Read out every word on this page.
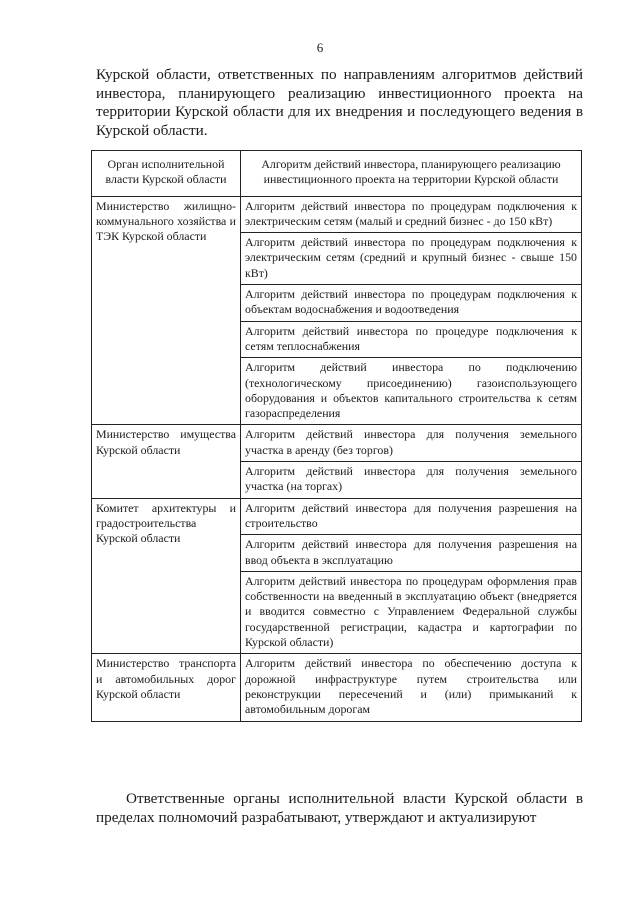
6

Курской области, ответственных по направлениям алгоритмов действий инвестора, планирующего реализацию инвестиционного проекта на территории Курской области для их внедрения и последующего ведения в Курской области.

Орган исполнительной власти Курской области	Алгоритм действий инвестора, планирующего реализацию инвестиционного проекта на территории Курской области
Министерство жилищно-коммунального хозяйства и ТЭК Курской области	Алгоритм действий инвестора по процедурам подключения к электрическим сетям (малый и средний бизнес - до 150 кВт)
	Алгоритм действий инвестора по процедурам подключения к электрическим сетям (средний и крупный бизнес - свыше 150 кВт)
	Алгоритм действий инвестора по процедурам подключения к объектам водоснабжения и водоотведения
	Алгоритм действий инвестора по процедуре подключения к сетям теплоснабжения
	Алгоритм действий инвестора по подключению (технологическому присоединению) газоиспользующего оборудования и объектов капитального строительства к сетям газораспределения
Министерство имущества Курской области	Алгоритм действий инвестора для получения земельного участка в аренду (без торгов)
	Алгоритм действий инвестора для получения земельного участка (на торгах)
Комитет архитектуры и градостроительства Курской области	Алгоритм действий инвестора для получения разрешения на строительство
	Алгоритм действий инвестора для получения разрешения на ввод объекта в эксплуатацию
	Алгоритм действий инвестора по процедурам оформления прав собственности на введенный в эксплуатацию объект (внедряется и вводится совместно с Управлением Федеральной службы государственной регистрации, кадастра и картографии по Курской области)
Министерство транспорта и автомобильных дорог Курской области	Алгоритм действий инвестора по обеспечению доступа к дорожной инфраструктуре путем строительства или реконструкции пересечений и (или) примыканий к автомобильным дорогам

Ответственные органы исполнительной власти Курской области в пределах полномочий разрабатывают, утверждают и актуализируют
